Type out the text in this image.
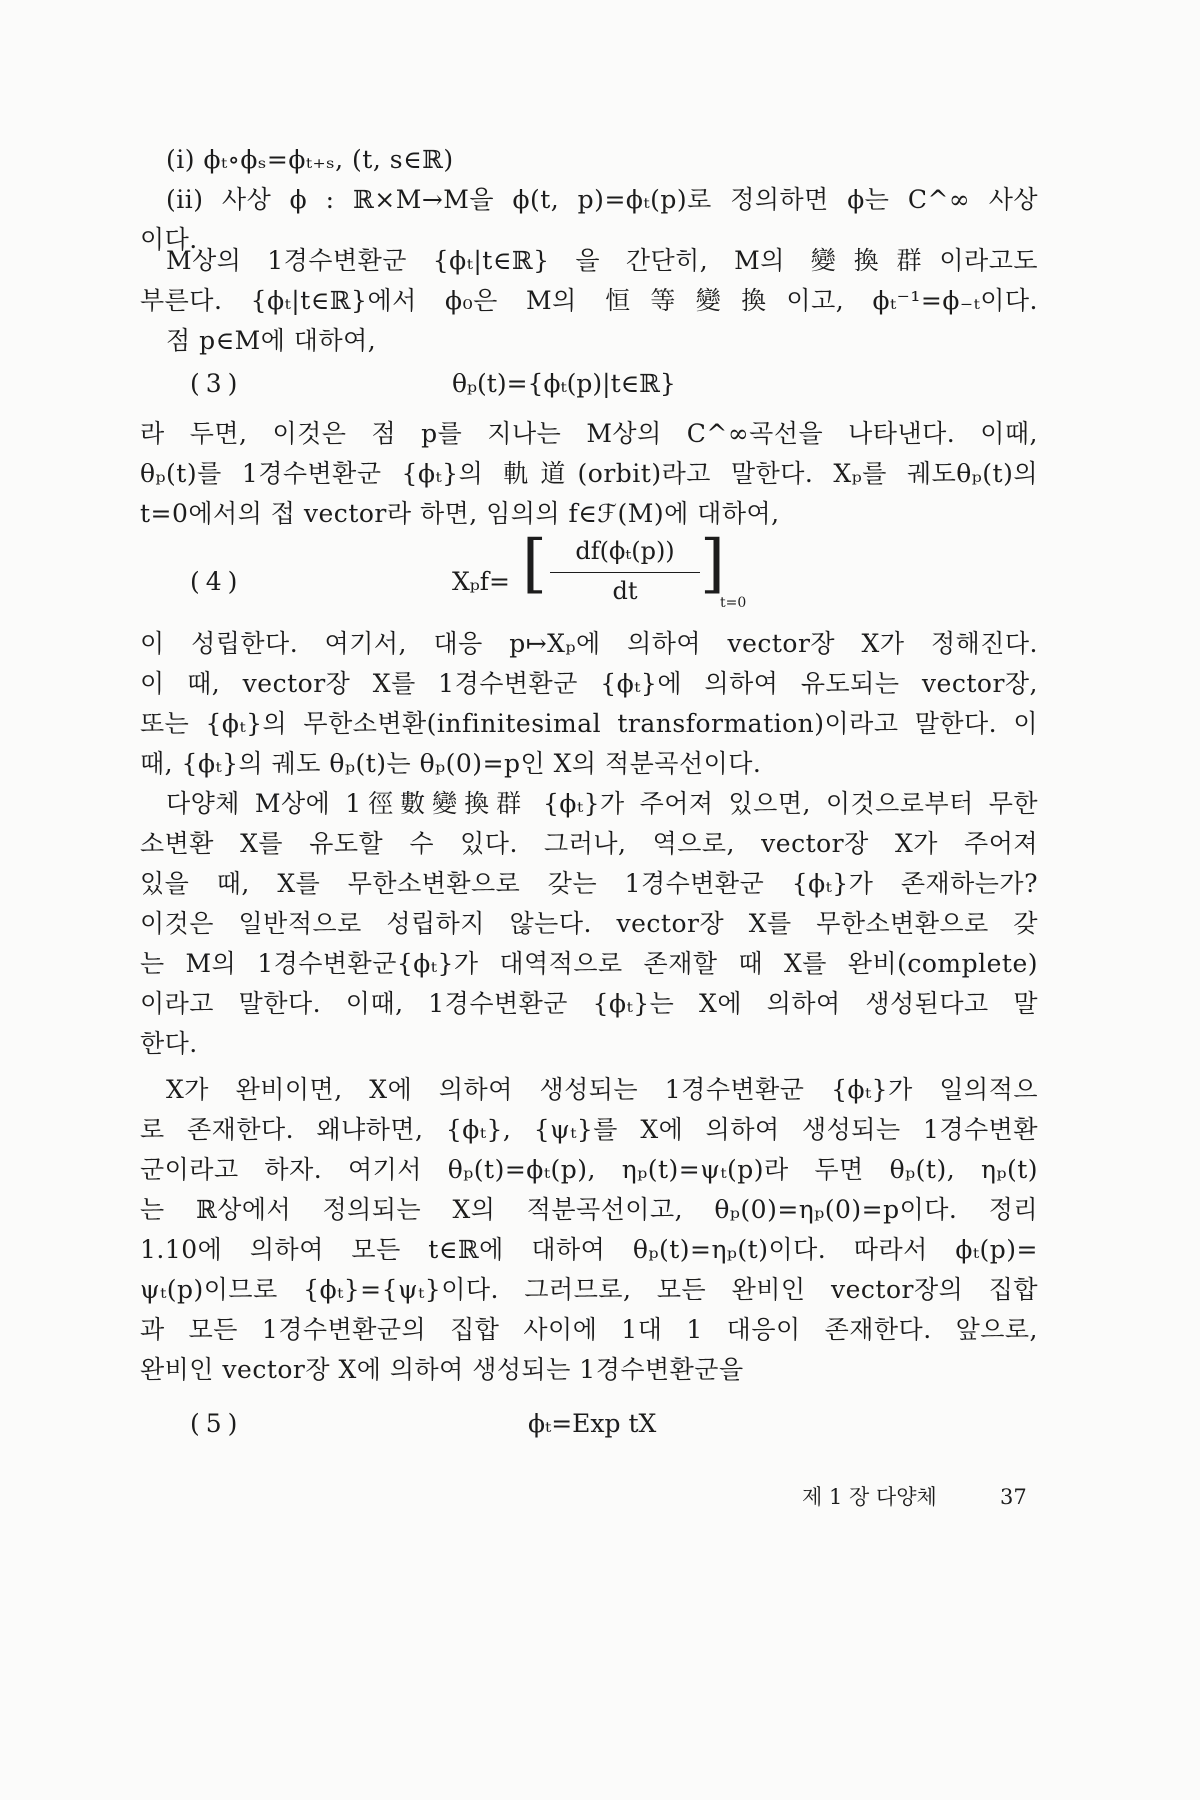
(i) ϕₜ∘ϕₛ=ϕₜ₊ₛ, (t, s∈ℝ)
(ii) 사상 ϕ : ℝ×M→M을 ϕ(t, p)=ϕₜ(p)로 정의하면 ϕ는 C^∞ 사상
이다.
M상의 1경수변환군 {ϕₜ|t∈ℝ} 을 간단히, M의 變換群이라고도
부른다. {ϕₜ|t∈ℝ}에서 ϕ₀은 M의 恒等變換이고, ϕₜ⁻¹=ϕ₋ₜ이다.
점 p∈M에 대하여,
(3)	θₚ(t)={ϕₜ(p)|t∈ℝ}
라 두면, 이것은 점 p를 지나는 M상의 C^∞곡선을 나타낸다. 이때,
θₚ(t)를 1경수변환군 {ϕₜ}의 軌道(orbit)라고 말한다. Xₚ를 궤도θₚ(t)의
t=0에서의 접 vector라 하면, 임의의 f∈ℱ(M)에 대하여,
(4)	Xₚf= [	df(ϕₜ(p))
dt ]
t=0
이 성립한다. 여기서, 대응 p↦Xₚ에 의하여 vector장 X가 정해진다.
이 때, vector장 X를 1경수변환군 {ϕₜ}에 의하여 유도되는 vector장,
또는 {ϕₜ}의 무한소변환(infinitesimal transformation)이라고 말한다. 이
때, {ϕₜ}의 궤도 θₚ(t)는 θₚ(0)=p인 X의 적분곡선이다.
다양체 M상에 1徑數變換群 {ϕₜ}가 주어져 있으면, 이것으로부터 무한
소변환 X를 유도할 수 있다. 그러나, 역으로, vector장 X가 주어져
있을 때, X를 무한소변환으로 갖는 1경수변환군 {ϕₜ}가 존재하는가?
이것은 일반적으로 성립하지 않는다. vector장 X를 무한소변환으로 갖
는 M의 1경수변환군{ϕₜ}가 대역적으로 존재할 때 X를 완비(complete)
이라고 말한다. 이때, 1경수변환군 {ϕₜ}는 X에 의하여 생성된다고 말
한다.
X가 완비이면, X에 의하여 생성되는 1경수변환군 {ϕₜ}가 일의적으
로 존재한다. 왜냐하면, {ϕₜ}, {ψₜ}를 X에 의하여 생성되는 1경수변환
군이라고 하자. 여기서 θₚ(t)=ϕₜ(p), ηₚ(t)=ψₜ(p)라 두면 θₚ(t), ηₚ(t)
는 ℝ상에서 정의되는 X의 적분곡선이고, θₚ(0)=ηₚ(0)=p이다. 정리
1.10에 의하여 모든 t∈ℝ에 대하여 θₚ(t)=ηₚ(t)이다. 따라서 ϕₜ(p)=
ψₜ(p)이므로 {ϕₜ}={ψₜ}이다. 그러므로, 모든 완비인 vector장의 집합
과 모든 1경수변환군의 집합 사이에 1대 1 대응이 존재한다. 앞으로,
완비인 vector장 X에 의하여 생성되는 1경수변환군을
(5)	ϕₜ=Exp tX
제 1 장 다양체	37
